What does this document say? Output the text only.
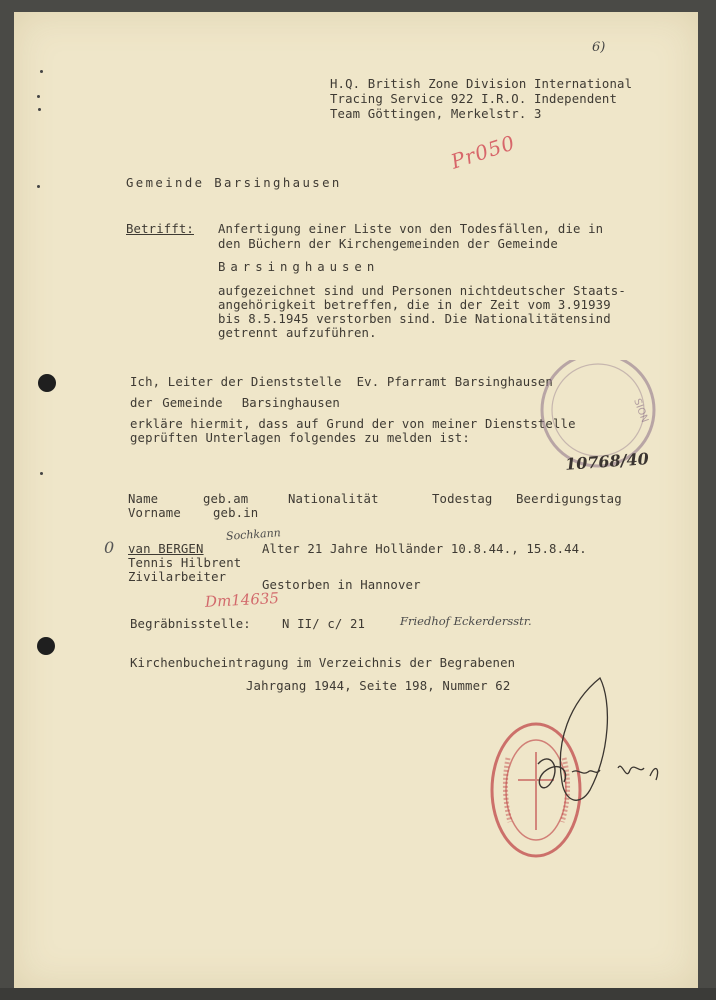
6)
H.Q. British Zone Division International
Tracing Service 922 I.R.O. Independent
Team Göttingen, Merkelstr. 3
Pr050
Gemeinde Barsinghausen
Betrifft: Anfertigung einer Liste von den Todesfällen, die in
den Büchern der Kirchengemeinden der Gemeinde
Barsinghausen
aufgezeichnet sind und Personen nichtdeutscher Staats-
angehörigkeit betreffen, die in der Zeit vom 3.91939
bis 8.5.1945 verstorben sind. Die Nationalitätensind
getrennt aufzuführen.
Ich, Leiter der Dienststelle  Ev. Pfarramt Barsinghausen
der Gemeinde  Barsinghausen
erkläre hiermit, dass auf Grund der von meiner Dienststelle
geprüften Unterlagen folgendes zu melden ist:
SION
10768/40
Name	geb.am	Nationalität	Todestag Beerdigungstag
Vorname	geb.in
0
Sochkann
van BERGEN	Alter 21 Jahre Holländer 10.8.44., 15.8.44.
Tennis Hilbrent
Zivilarbeiter
Gestorben in Hannover
Dm14635
Begräbnisstelle:	N II/ c/ 21	Friedhof Eckerdersstr.
Kirchenbucheintragung im Verzeichnis der Begrabenen
Jahrgang 1944, Seite 198, Nummer 62
